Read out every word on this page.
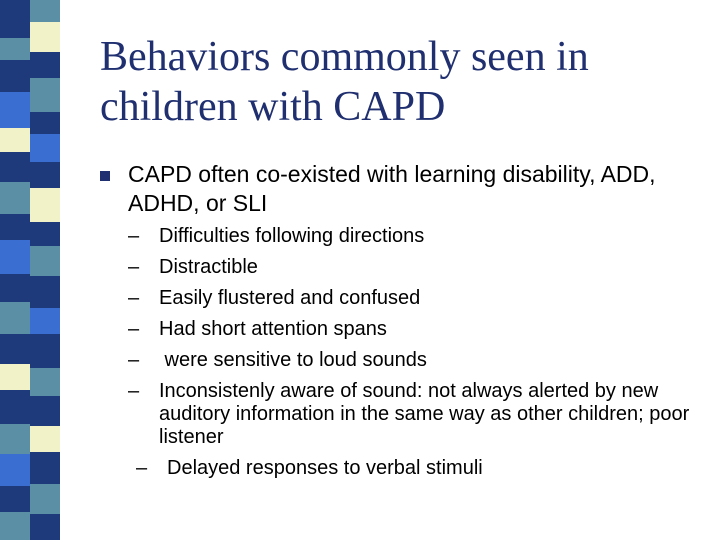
Behaviors commonly seen in children with CAPD
CAPD often co-existed with learning disability, ADD, ADHD, or SLI
– Difficulties following directions
– Distractible
– Easily flustered and confused
– Had short attention spans
– were sensitive to loud sounds
– Inconsistenly aware of sound: not always alerted by new auditory information in the same way as other children; poor listener
– Delayed responses to verbal stimuli
